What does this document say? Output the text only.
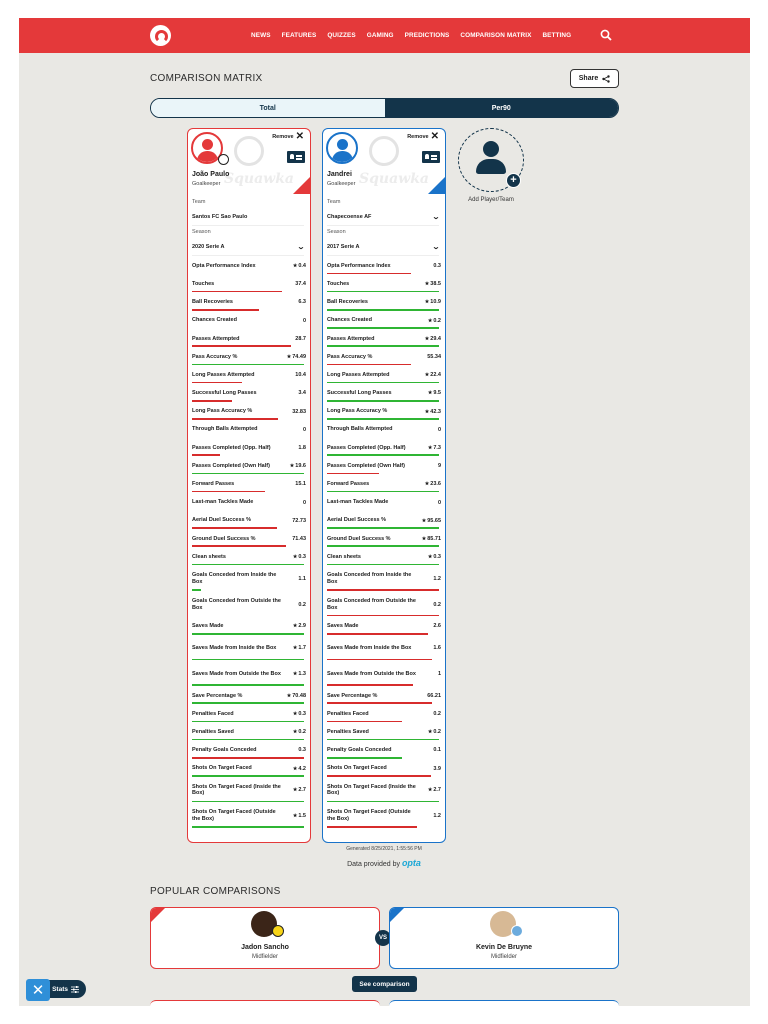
NEWS FEATURES QUIZZES GAMING PREDICTIONS COMPARISON MATRIX BETTING
COMPARISON MATRIX	Share
Total	Per90
Remove ✕
Squawka
João Paulo
Goalkeeper
Team
Santos FC Sao Paulo
Season
2020 Serie A	⌄
Opta Performance Index	★0.4
Touches	37.4
Ball Recoveries	6.3
Chances Created	0
Passes Attempted	28.7
Pass Accuracy %	★74.49
Long Passes Attempted	10.4
Successful Long Passes	3.4
Long Pass Accuracy %	32.83
Through Balls Attempted	0
Passes Completed (Opp. Half)	1.8
Passes Completed (Own Half)	★19.6
Forward Passes	15.1
Last-man Tackles Made	0
Aerial Duel Success %	72.73
Ground Duel Success %	71.43
Clean sheets	★0.3
Goals Conceded from Inside the Box	1.1
Goals Conceded from Outside the Box	0.2
Saves Made	★2.9
Saves Made from Inside the Box	★1.7
Saves Made from Outside the Box ★1.3
Save Percentage %	★70.48
Penalties Faced	★0.3
Penalties Saved	★0.2
Penalty Goals Conceded	0.3
Shots On Target Faced	★4.2
Shots On Target Faced (Inside the Box)	★2.7
Shots On Target Faced (Outside the Box)	★1.5
Remove ✕
Squawka
Jandrei
Goalkeeper
Team
Chapecoense AF	⌄
Season
2017 Serie A	⌄
Opta Performance Index	0.3
Touches	★38.5
Ball Recoveries	★10.9
Chances Created	★0.2
Passes Attempted	★29.4
Pass Accuracy %	55.34
Long Passes Attempted	★22.4
Successful Long Passes	★9.5
Long Pass Accuracy %	★42.3
Through Balls Attempted	0
Passes Completed (Opp. Half)	★7.3
Passes Completed (Own Half)	9
Forward Passes	★23.6
Last-man Tackles Made	0
Aerial Duel Success %	★95.65
Ground Duel Success %	★85.71
Clean sheets	★0.3
Goals Conceded from Inside the Box	1.2
Goals Conceded from Outside the Box	0.2
Saves Made	2.6
Saves Made from Inside the Box	1.6
Saves Made from Outside the Box	1
Save Percentage %	66.21
Penalties Faced	0.2
Penalties Saved	★0.2
Penalty Goals Conceded	0.1
Shots On Target Faced	3.9
Shots On Target Faced (Inside the Box)	★2.7
Shots On Target Faced (Outside the Box)	1.2
+
Add Player/Team
Generated 8/25/2021, 1:55:56 PM
Data provided by opta
POPULAR COMPARISONS
Jadon Sancho
Midfielder
VS
Kevin De Bruyne
Midfielder
See comparison
Stats
✕
